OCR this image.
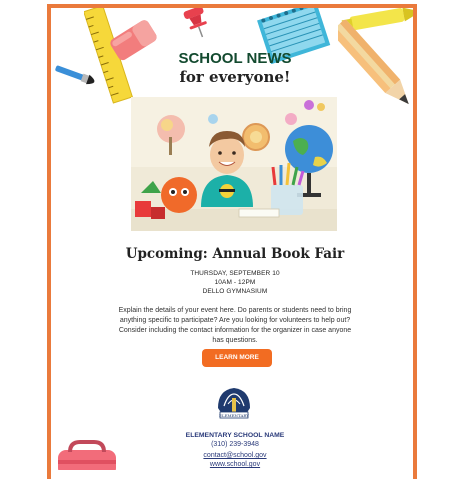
SCHOOL NEWS
for everyone!
Upcoming: Annual Book Fair
THURSDAY, SEPTEMBER 10
10AM - 12PM
DELLO GYMNASIUM
Explain the details of your event here. Do parents or students need to bring anything specific to participate? Are you looking for volunteers to help out? Consider including the contact information for the organizer in case anyone has questions.
LEARN MORE
ELEMENTARY
ELEMENTARY SCHOOL NAME
(310) 239-3948
contact@school.gov
www.school.gov
